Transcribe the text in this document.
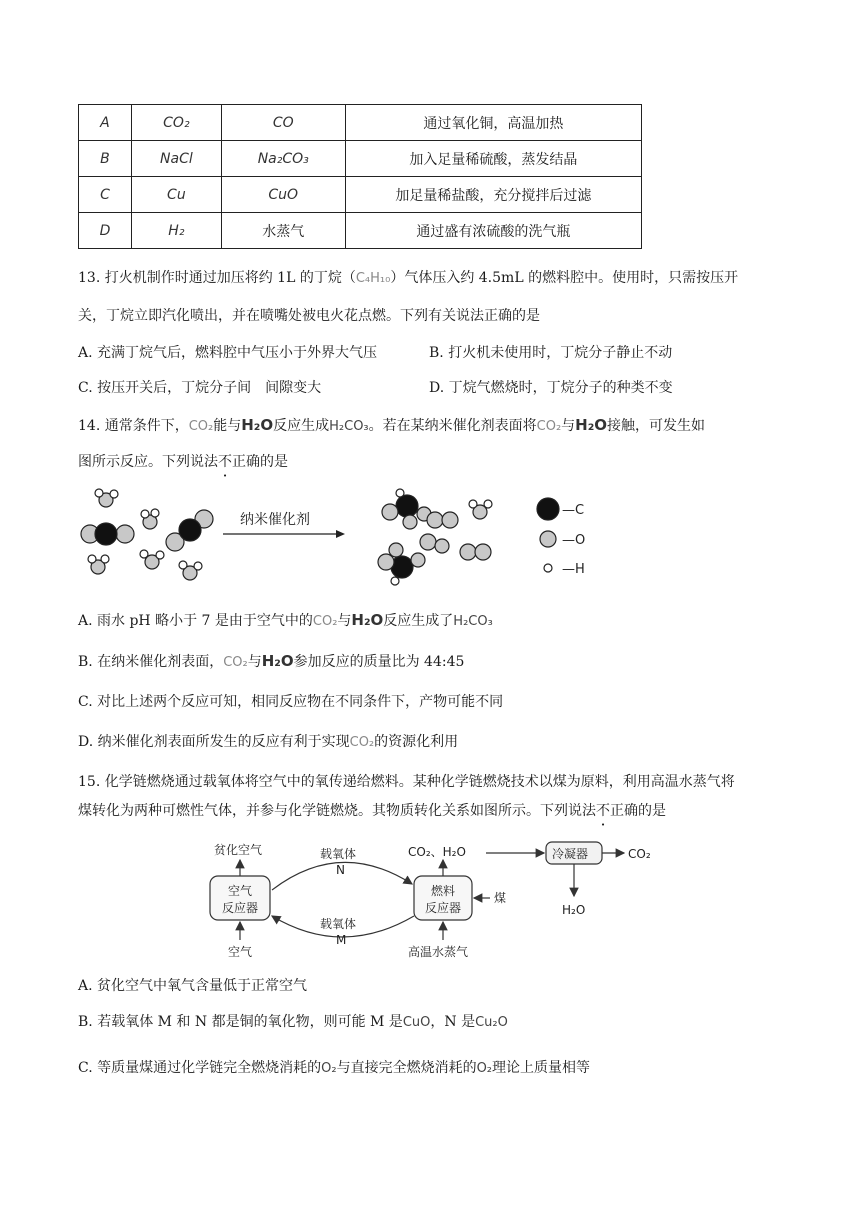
A	CO₂	CO	通过氧化铜，高温加热
B	NaCl	Na₂CO₃	加入足量稀硫酸，蒸发结晶
C	Cu	CuO	加足量稀盐酸，充分搅拌后过滤
D	H₂	水蒸气	通过盛有浓硫酸的洗气瓶
13. 打火机制作时通过加压将约 1L 的丁烷（C₄H₁₀）气体压入约 4.5mL 的燃料腔中。使用时，只需按压开
关，丁烷立即汽化喷出，并在喷嘴处被电火花点燃。下列有关说法正确的是
A. 充满丁烷气后，燃料腔中气压小于外界大气压	B. 打火机未使用时，丁烷分子静止不动
C. 按压开关后，丁烷分子间　间隙变大	D. 丁烷气燃烧时，丁烷分子的种类不变
14. 通常条件下，CO₂能与H₂O反应生成H₂CO₃。若在某纳米催化剂表面将CO₂与H₂O接触，可发生如
图所示反应。下列说法不正确的是
纳米催化剂
—C
—O
—H
A. 雨水 pH 略小于 7 是由于空气中的CO₂与H₂O反应生成了H₂CO₃
B. 在纳米催化剂表面，CO₂与H₂O参加反应的质量比为 44:45
C. 对比上述两个反应可知，相同反应物在不同条件下，产物可能不同
D. 纳米催化剂表面所发生的反应有利于实现CO₂的资源化利用
15. 化学链燃烧通过载氧体将空气中的氧传递给燃料。某种化学链燃烧技术以煤为原料，利用高温水蒸气将
煤转化为两种可燃性气体，并参与化学链燃烧。其物质转化关系如图所示。下列说法不正确的是
贫化空气
空气
反应器
空气
载氧体
N
载氧体
M
燃料
反应器
CO₂、H₂O
煤
高温水蒸气
冷凝器	CO₂
H₂O
A. 贫化空气中氧气含量低于正常空气
B. 若载氧体 M 和 N 都是铜的氧化物，则可能 M 是CuO，N 是Cu₂O
C. 等质量煤通过化学链完全燃烧消耗的O₂与直接完全燃烧消耗的O₂理论上质量相等
